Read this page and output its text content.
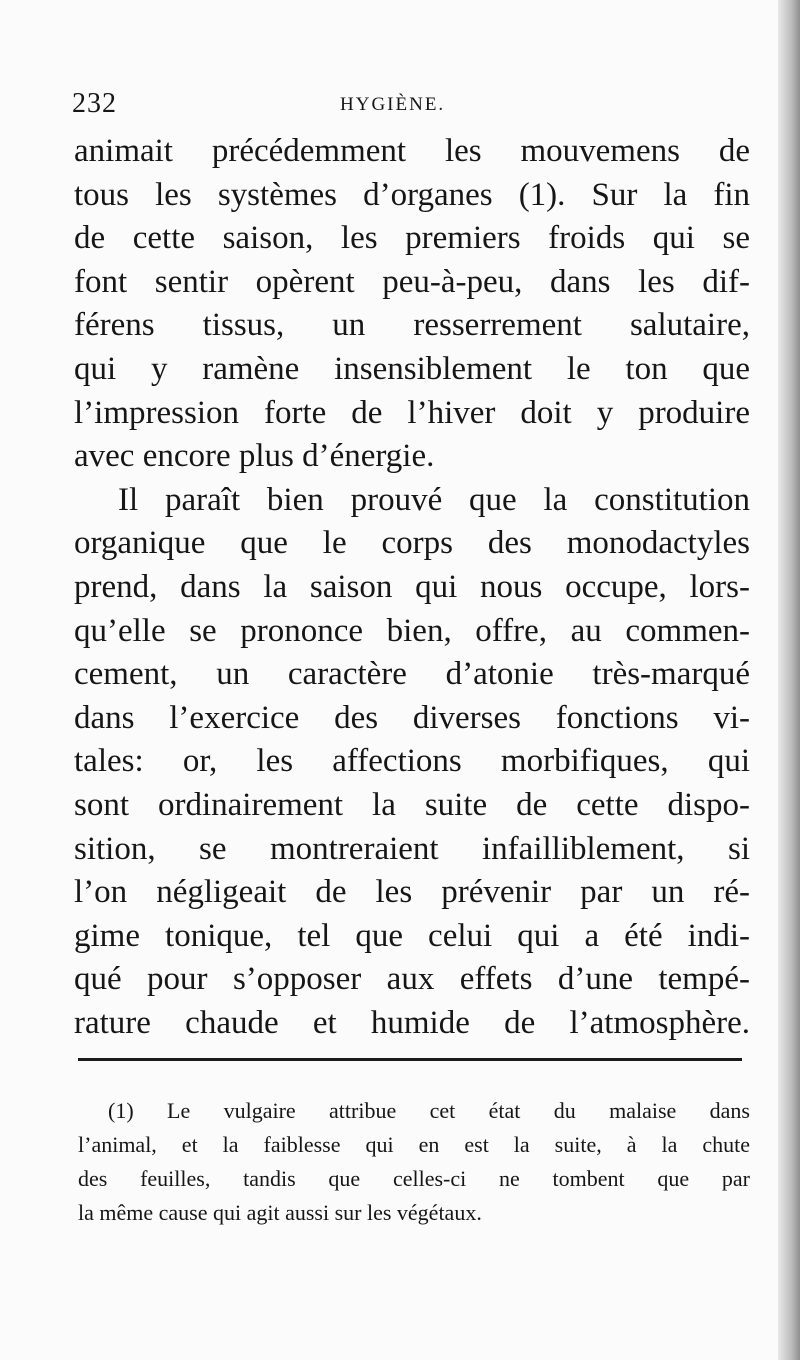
232	HYGIÈNE.
animait précédemment les mouvemens de
tous les systèmes d’organes (1). Sur la fin
de cette saison, les premiers froids qui se
font sentir opèrent peu-à-peu, dans les dif-
férens tissus, un resserrement salutaire,
qui y ramène insensiblement le ton que
l’impression forte de l’hiver doit y produire
avec encore plus d’énergie.
Il paraît bien prouvé que la constitution
organique que le corps des monodactyles
prend, dans la saison qui nous occupe, lors-
qu’elle se prononce bien, offre, au commen-
cement, un caractère d’atonie très-marqué
dans l’exercice des diverses fonctions vi-
tales: or, les affections morbifiques, qui
sont ordinairement la suite de cette dispo-
sition, se montreraient infailliblement, si
l’on négligeait de les prévenir par un ré-
gime tonique, tel que celui qui a été indi-
qué pour s’opposer aux effets d’une tempé-
rature chaude et humide de l’atmosphère.
(1) Le vulgaire attribue cet état du malaise dans
l’animal, et la faiblesse qui en est la suite, à la chute
des feuilles, tandis que celles-ci ne tombent que par
la même cause qui agit aussi sur les végétaux.
